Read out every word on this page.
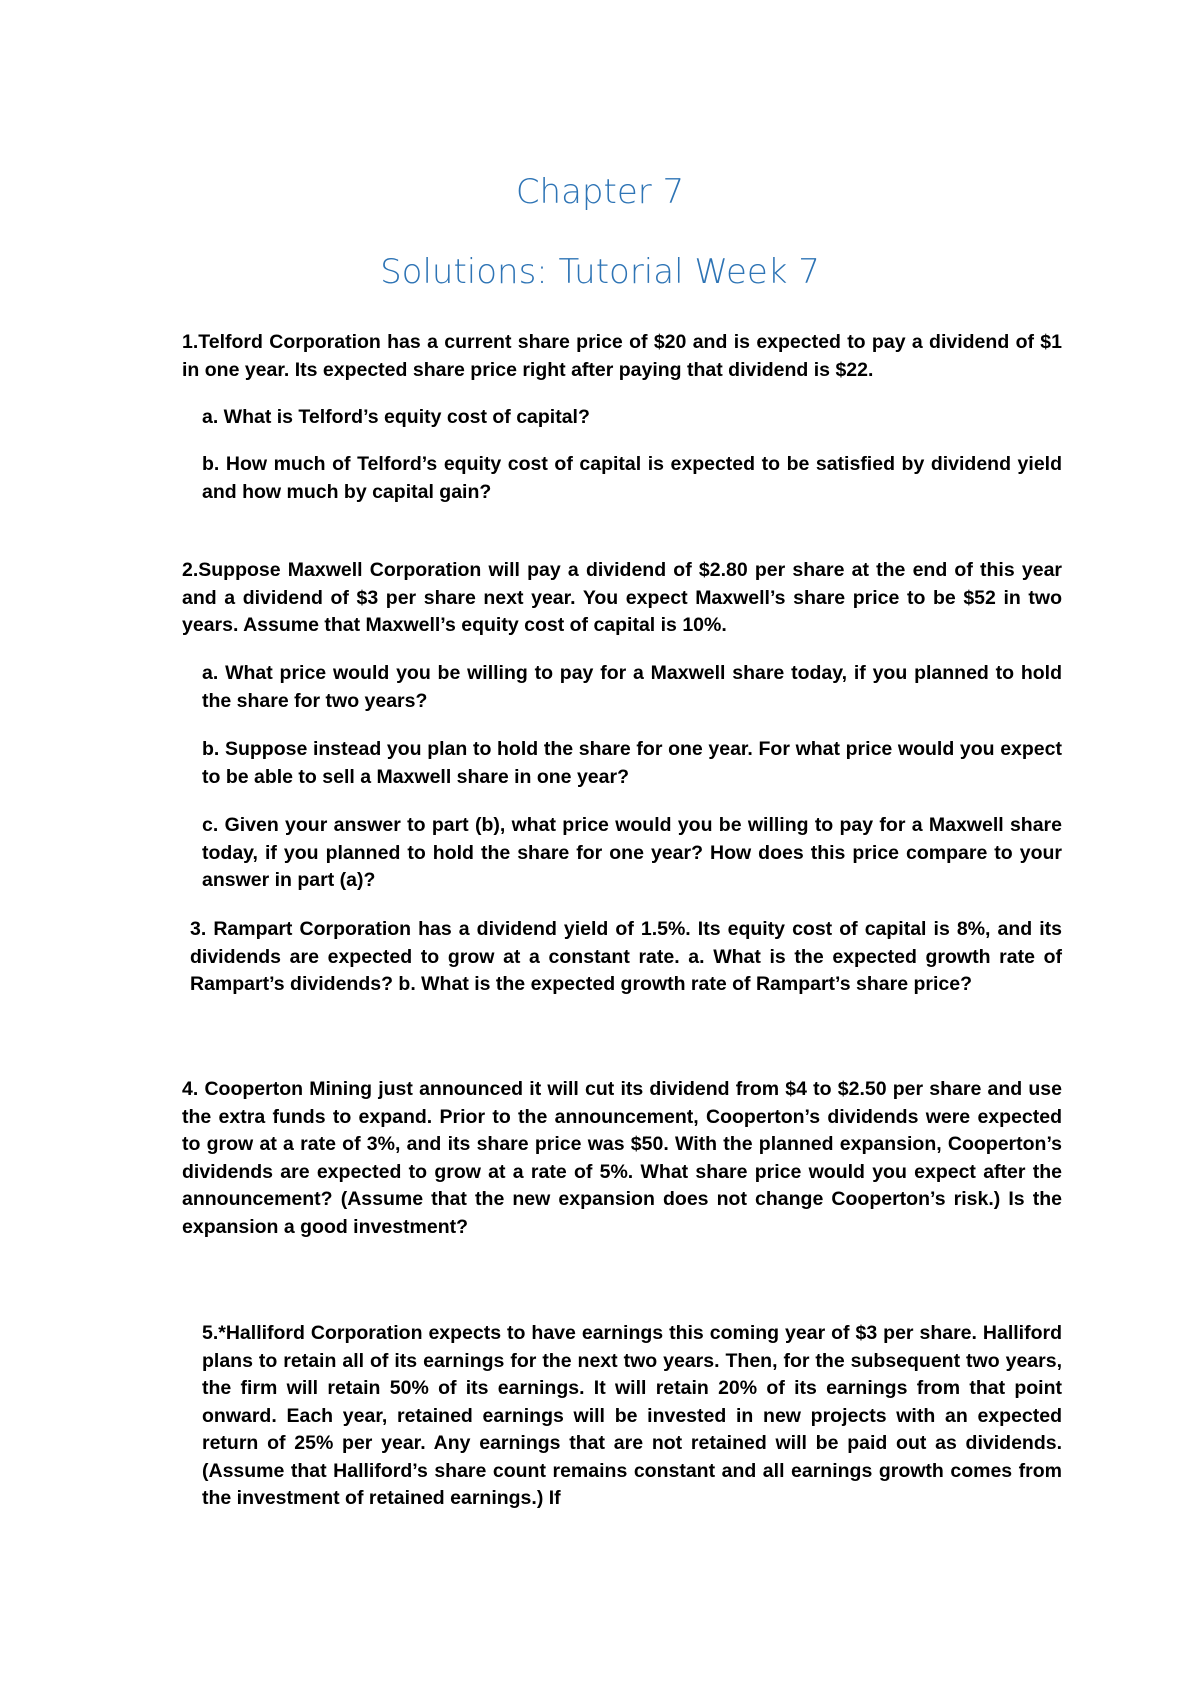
Chapter 7
Solutions: Tutorial Week 7

1.Telford Corporation has a current share price of $20 and is expected to pay a dividend of $1 in one year. Its expected share price right after paying that dividend is $22.

a. What is Telford’s equity cost of capital?

b. How much of Telford’s equity cost of capital is expected to be satisfied by dividend yield and how much by capital gain?

2.Suppose Maxwell Corporation will pay a dividend of $2.80 per share at the end of this year and a dividend of $3 per share next year. You expect Maxwell’s share price to be $52 in two years. Assume that Maxwell’s equity cost of capital is 10%.

a. What price would you be willing to pay for a Maxwell share today, if you planned to hold the share for two years?

b. Suppose instead you plan to hold the share for one year. For what price would you expect to be able to sell a Maxwell share in one year?

c. Given your answer to part (b), what price would you be willing to pay for a Maxwell share today, if you planned to hold the share for one year? How does this price compare to your answer in part (a)?

3. Rampart Corporation has a dividend yield of 1.5%. Its equity cost of capital is 8%, and its dividends are expected to grow at a constant rate. a. What is the expected growth rate of Rampart’s dividends? b. What is the expected growth rate of Rampart’s share price?

4. Cooperton Mining just announced it will cut its dividend from $4 to $2.50 per share and use the extra funds to expand. Prior to the announcement, Cooperton’s dividends were expected to grow at a rate of 3%, and its share price was $50. With the planned expansion, Cooperton’s dividends are expected to grow at a rate of 5%. What share price would you expect after the announcement? (Assume that the new expansion does not change Cooperton’s risk.) Is the expansion a good investment?

5.*Halliford Corporation expects to have earnings this coming year of $3 per share. Halliford plans to retain all of its earnings for the next two years. Then, for the subsequent two years, the firm will retain 50% of its earnings. It will retain 20% of its earnings from that point onward. Each year, retained earnings will be invested in new projects with an expected return of 25% per year. Any earnings that are not retained will be paid out as dividends. (Assume that Halliford’s share count remains constant and all earnings growth comes from the investment of retained earnings.) If
